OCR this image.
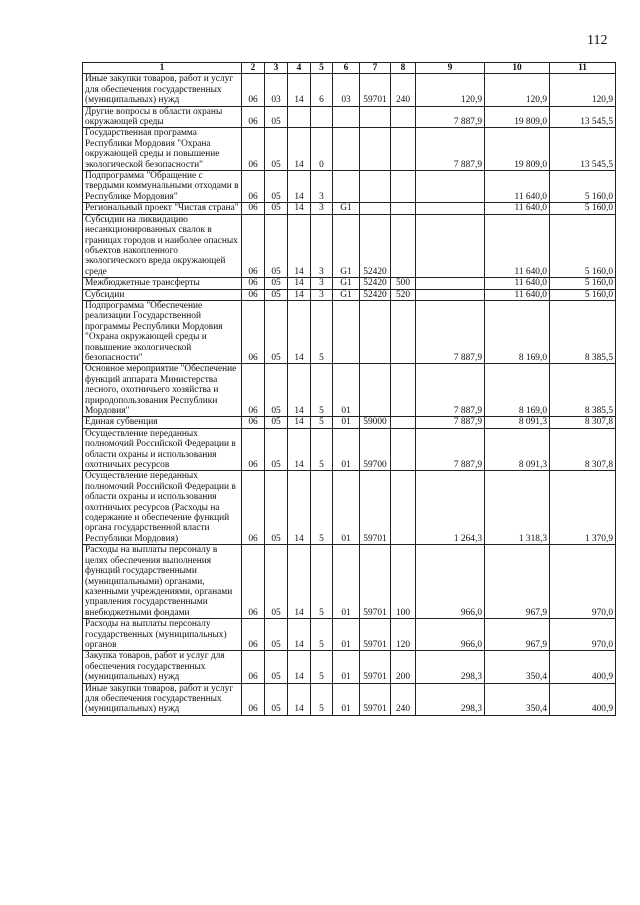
112
1	2	3	4	5	6	7	8	9	10	11
Иные закупки товаров, работ и услуг для обеспечения государственных (муниципальных) нужд	06	03	14	6	03	59701	240	120,9	120,9	120,9
Другие вопросы в области охраны окружающей среды	06	05						7 887,9	19 809,0	13 545,5
Государственная программа Республики Мордовия "Охрана окружающей среды и повышение экологической безопасности"	06	05	14	0				7 887,9	19 809,0	13 545,5
Подпрограмма "Обращение с твердыми коммунальными отходами в Республике Мордовия"	06	05	14	3					11 640,0	5 160,0
Региональный проект "Чистая страна"	06	05	14	3	G1				11 640,0	5 160,0
Субсидии на ликвидацию несанкционированных свалок в границах городов и наиболее опасных объектов накопленного экологического вреда окружающей среде	06	05	14	3	G1	52420			11 640,0	5 160,0
Межбюджетные трансферты	06	05	14	3	G1	52420	500		11 640,0	5 160,0
Субсидии	06	05	14	3	G1	52420	520		11 640,0	5 160,0
Подпрограмма "Обеспечение реализации Государственной программы Республики Мордовия "Охрана окружающей среды и повышение экологической безопасности"	06	05	14	5				7 887,9	8 169,0	8 385,5
Основное мероприятие "Обеспечение функций аппарата Министерства лесного, охотничьего хозяйства и природопользования Республики Мордовия"	06	05	14	5	01			7 887,9	8 169,0	8 385,5
Единая субвенция	06	05	14	5	01	59000		7 887,9	8 091,3	8 307,8
Осуществление переданных полномочий Российской Федерации в области охраны и использования охотничьих ресурсов	06	05	14	5	01	59700		7 887,9	8 091,3	8 307,8
Осуществление переданных полномочий Российской Федерации в области охраны и использования охотничьих ресурсов (Расходы на содержание и обеспечение функций органа государственной власти Республики Мордовия)	06	05	14	5	01	59701		1 264,3	1 318,3	1 370,9
Расходы на выплаты персоналу в целях обеспечения выполнения функций государственными (муниципальными) органами, казенными учреждениями, органами управления государственными внебюджетными фондами	06	05	14	5	01	59701	100	966,0	967,9	970,0
Расходы на выплаты персоналу государственных (муниципальных) органов	06	05	14	5	01	59701	120	966,0	967,9	970,0
Закупка товаров, работ и услуг для обеспечения государственных (муниципальных) нужд	06	05	14	5	01	59701	200	298,3	350,4	400,9
Иные закупки товаров, работ и услуг для обеспечения государственных (муниципальных) нужд	06	05	14	5	01	59701	240	298,3	350,4	400,9
